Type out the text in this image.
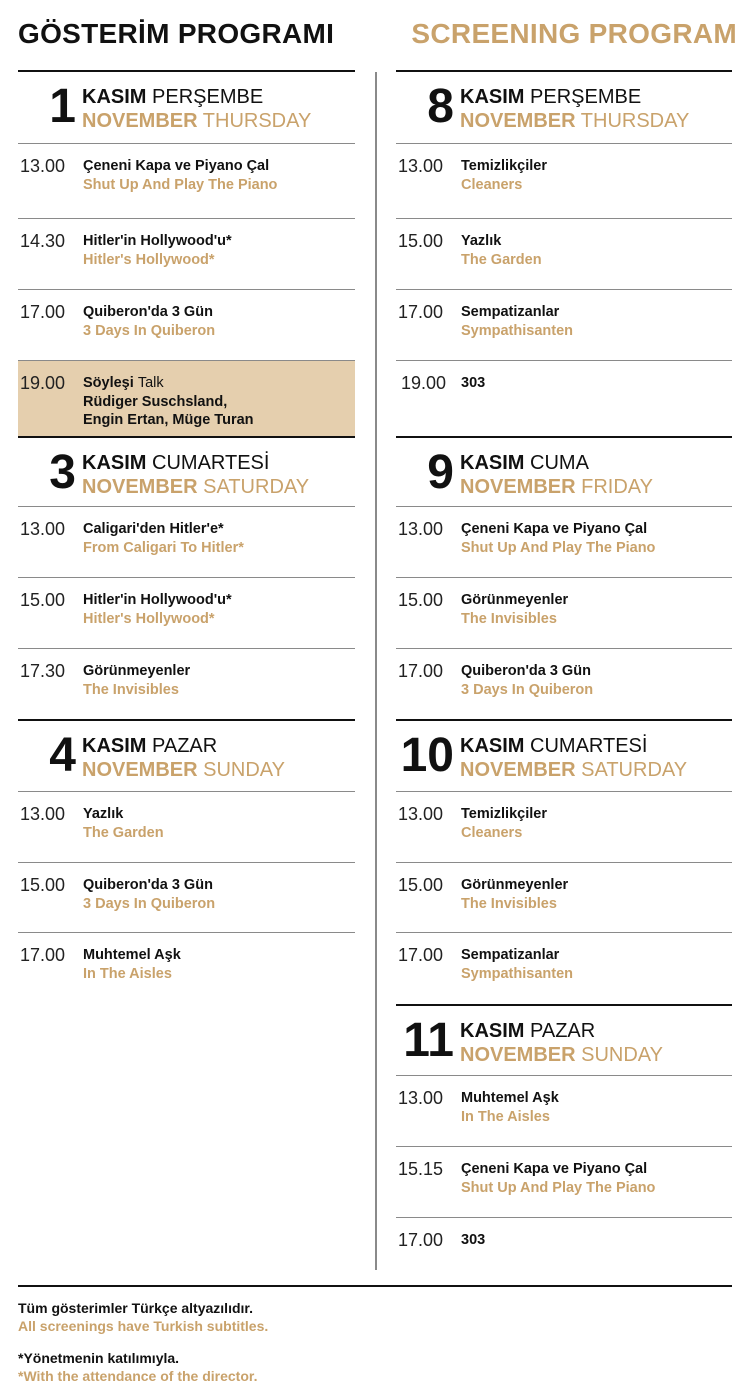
GÖSTERİM PROGRAMI	SCREENING PROGRAM
1 KASIM PERŞEMBE
NOVEMBER THURSDAY
13.00 Çeneni Kapa ve Piyano Çal
Shut Up And Play The Piano
14.30 Hitler'in Hollywood'u*
Hitler's Hollywood*
17.00 Quiberon'da 3 Gün
3 Days In Quiberon
19.00 Söyleşi Talk
Rüdiger Suschsland,
Engin Ertan, Müge Turan
3 KASIM CUMARTESİ
NOVEMBER SATURDAY
13.00 Caligari'den Hitler'e*
From Caligari To Hitler*
15.00 Hitler'in Hollywood'u*
Hitler's Hollywood*
17.30 Görünmeyenler
The Invisibles
4 KASIM PAZAR
NOVEMBER SUNDAY
13.00 Yazlık
The Garden
15.00 Quiberon'da 3 Gün
3 Days In Quiberon
17.00 Muhtemel Aşk
In The Aisles
8 KASIM PERŞEMBE
NOVEMBER THURSDAY
13.00 Temizlikçiler
Cleaners
15.00 Yazlık
The Garden
17.00 Sempatizanlar
Sympathisanten
19.00 303
9 KASIM CUMA
NOVEMBER FRIDAY
13.00 Çeneni Kapa ve Piyano Çal
Shut Up And Play The Piano
15.00 Görünmeyenler
The Invisibles
17.00 Quiberon'da 3 Gün
3 Days In Quiberon
10 KASIM CUMARTESİ
NOVEMBER SATURDAY
13.00 Temizlikçiler
Cleaners
15.00 Görünmeyenler
The Invisibles
17.00 Sempatizanlar
Sympathisanten
11 KASIM PAZAR
NOVEMBER SUNDAY
13.00 Muhtemel Aşk
In The Aisles
15.15 Çeneni Kapa ve Piyano Çal
Shut Up And Play The Piano
17.00 303
Tüm gösterimler Türkçe altyazılıdır.
All screenings have Turkish subtitles.
*Yönetmenin katılımıyla.
*With the attendance of the director.
